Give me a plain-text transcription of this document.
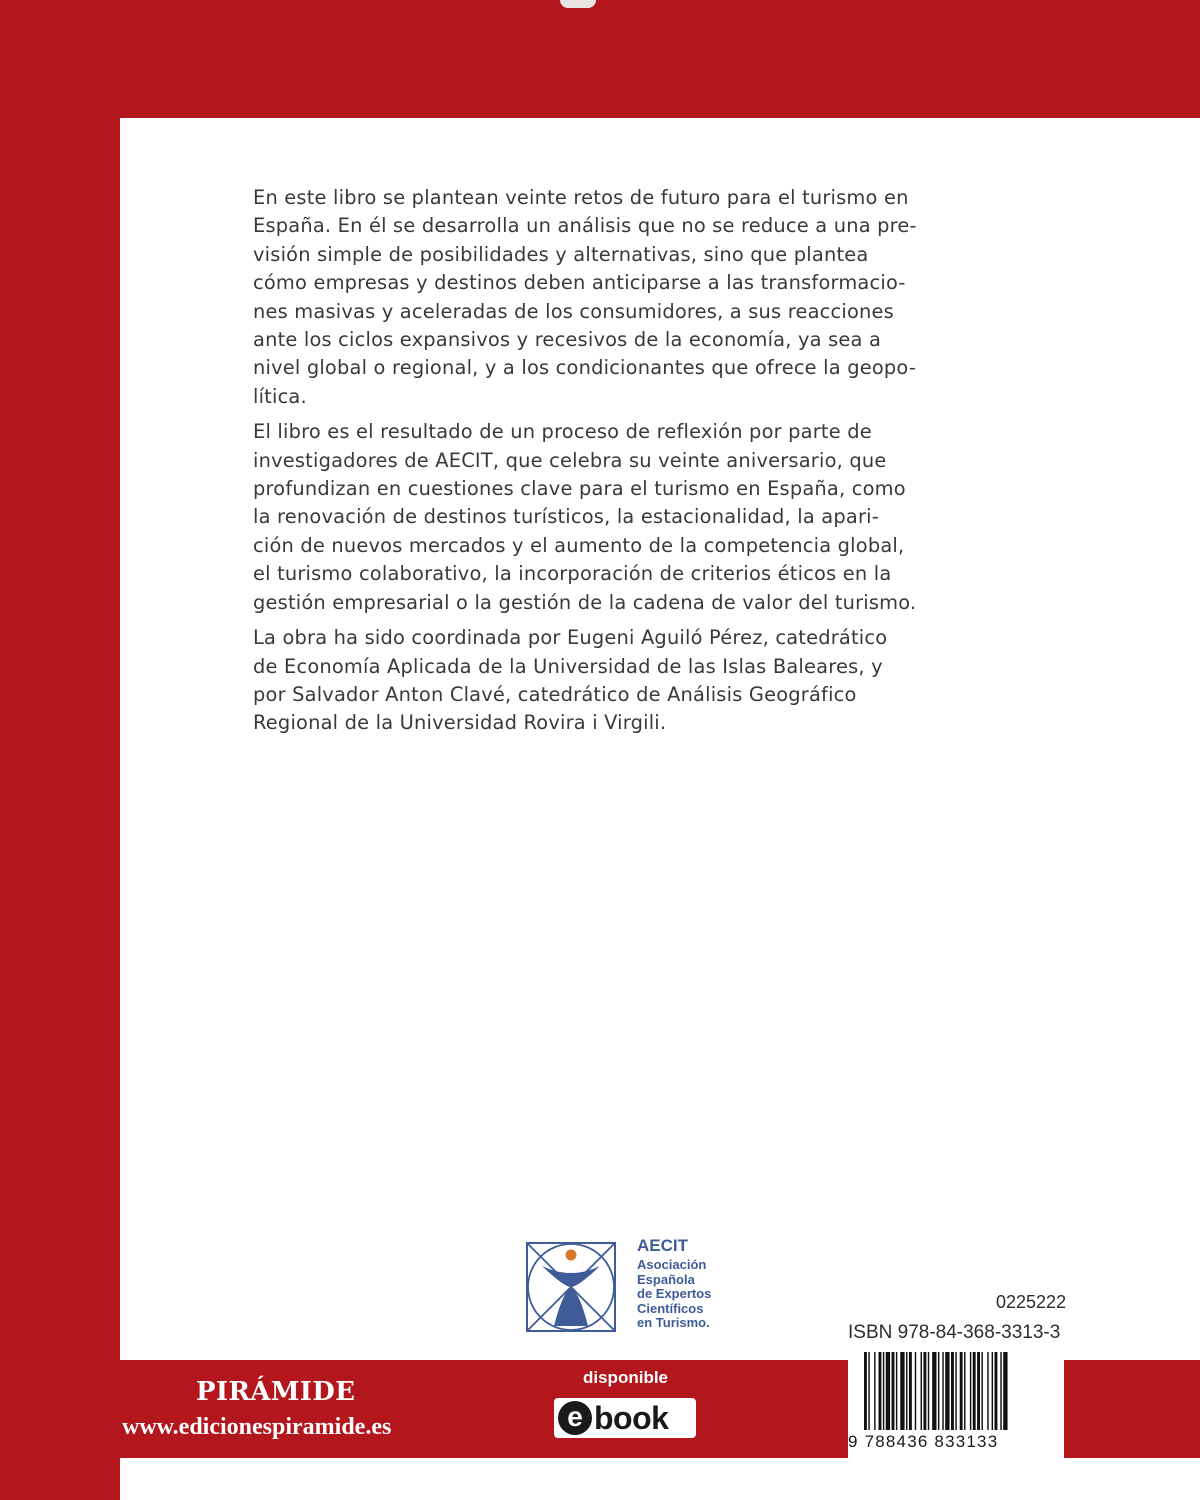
En este libro se plantean veinte retos de futuro para el turismo en
España. En él se desarrolla un análisis que no se reduce a una pre-
visión simple de posibilidades y alternativas, sino que plantea
cómo empresas y destinos deben anticiparse a las transformacio-
nes masivas y aceleradas de los consumidores, a sus reacciones
ante los ciclos expansivos y recesivos de la economía, ya sea a
nivel global o regional, y a los condicionantes que ofrece la geopo-
lítica.
El libro es el resultado de un proceso de reflexión por parte de
investigadores de AECIT, que celebra su veinte aniversario, que
profundizan en cuestiones clave para el turismo en España, como
la renovación de destinos turísticos, la estacionalidad, la apari-
ción de nuevos mercados y el aumento de la competencia global,
el turismo colaborativo, la incorporación de criterios éticos en la
gestión empresarial o la gestión de la cadena de valor del turismo.
La obra ha sido coordinada por Eugeni Aguiló Pérez, catedrático
de Economía Aplicada de la Universidad de las Islas Baleares, y
por Salvador Anton Clavé, catedrático de Análisis Geográfico
Regional de la Universidad Rovira i Virgili.
AECIT
Asociación
Española
de Expertos
Científicos
en Turismo.
0225222
ISBN 978-84-368-3313-3
PIRÁMIDE
www.edicionespiramide.es
disponible
e book
9 788436 833133
